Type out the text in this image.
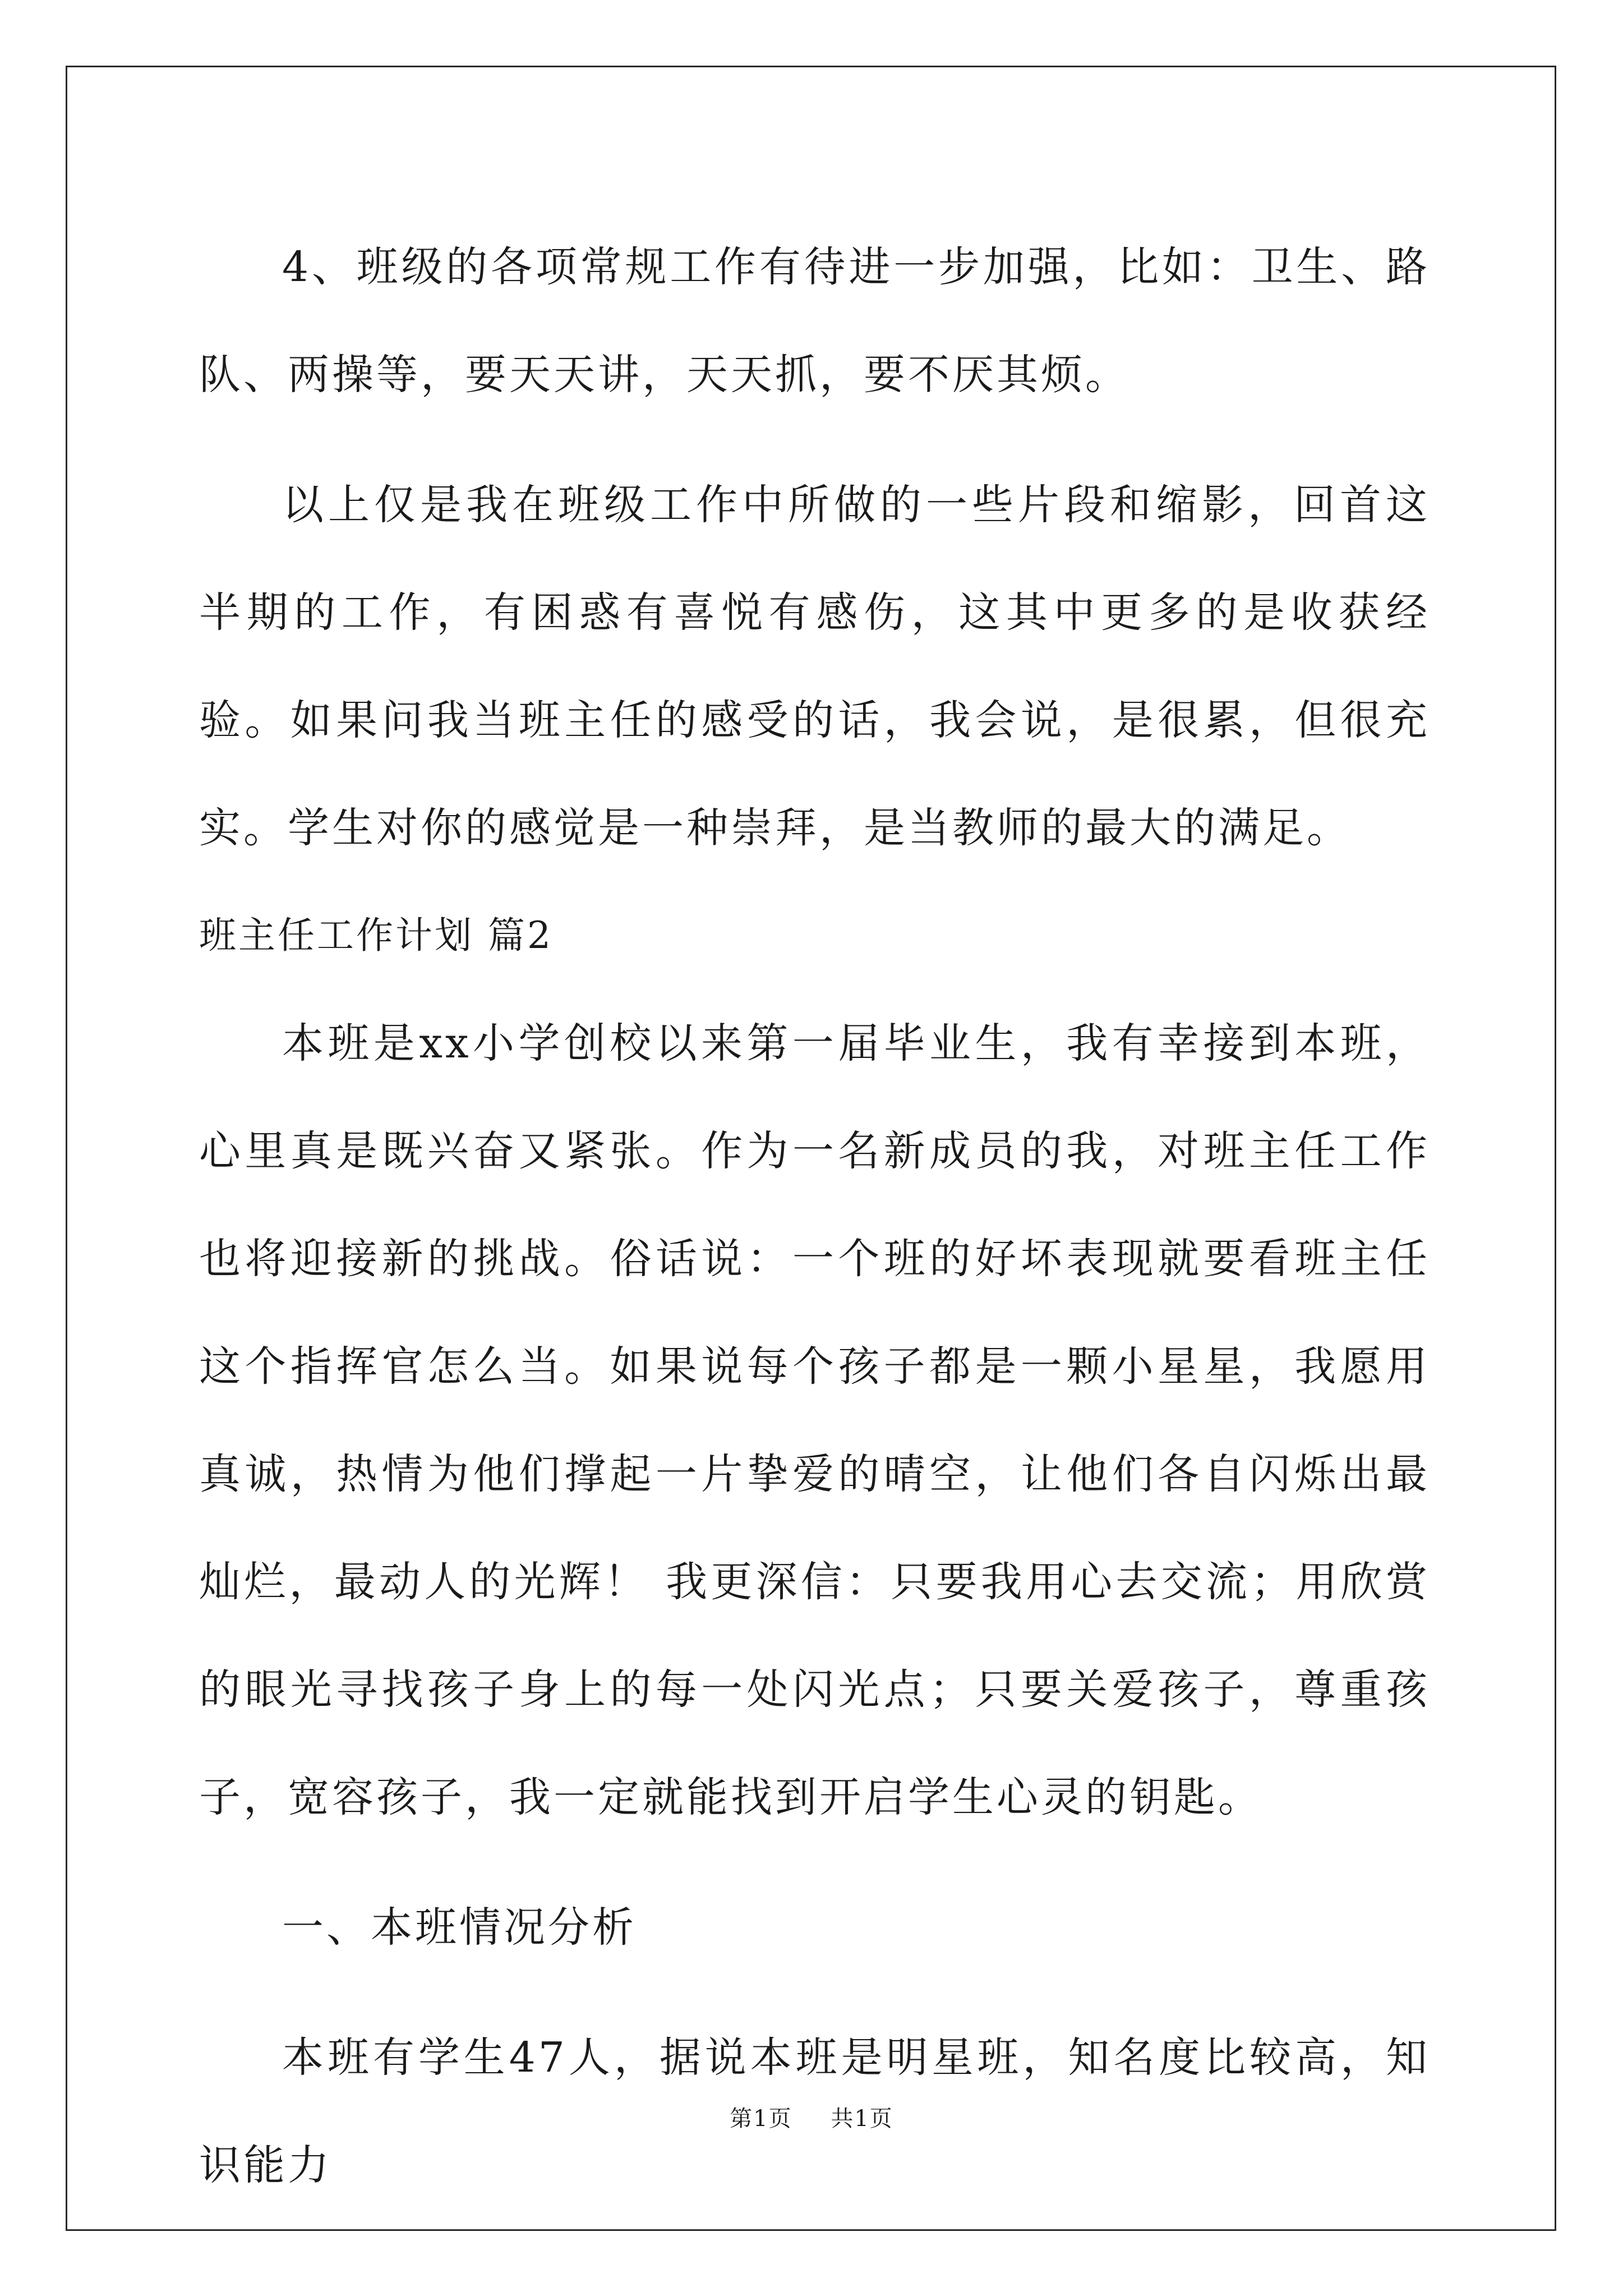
4、班级的各项常规工作有待进一步加强，比如：卫生、路队、两操等，要天天讲，天天抓，要不厌其烦。

以上仅是我在班级工作中所做的一些片段和缩影，回首这半期的工作，有困惑有喜悦有感伤，这其中更多的是收获经验。如果问我当班主任的感受的话，我会说，是很累，但很充实。学生对你的感觉是一种崇拜，是当教师的最大的满足。

班主任工作计划 篇2

本班是xx小学创校以来第一届毕业生，我有幸接到本班，心里真是既兴奋又紧张。作为一名新成员的我，对班主任工作也将迎接新的挑战。俗话说：一个班的好坏表现就要看班主任这个指挥官怎么当。如果说每个孩子都是一颗小星星，我愿用真诚，热情为他们撑起一片挚爱的晴空，让他们各自闪烁出最灿烂，最动人的光辉！ 我更深信：只要我用心去交流；用欣赏的眼光寻找孩子身上的每一处闪光点；只要关爱孩子，尊重孩子，宽容孩子，我一定就能找到开启学生心灵的钥匙。

一、本班情况分析

本班有学生47人，据说本班是明星班，知名度比较高，知识能力

第1页 共1页
